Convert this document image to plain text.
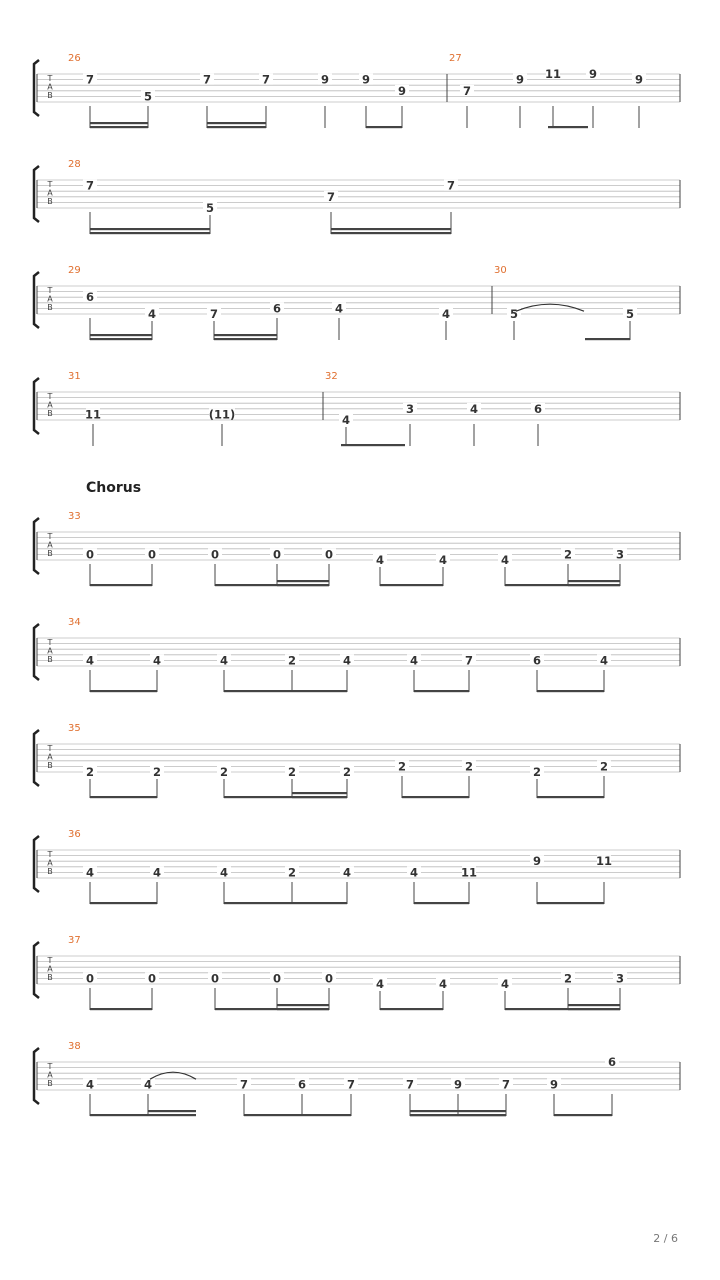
Chorus
2 / 6
T
A
B
26
7
5
7	7	9	9
9
27
7
9 11 9	9
T
A
B
28
7
5
7
7
T
A
B
29
6
4	7	6	4	4
30
5	5
T
A
B
31
11	(11)
32
4
3	4	6
T
A
B
33
0	0	0	0	0	4	4	4	2	3
T
A
B
34
4	4	4	2	4	4	7	6	4
T
A
B
35
2	2	2	2	2	2	2	2	2
T
A
B
36
4	4	4	2	4	4	11
9	11
T
A
B
37
0	0	0	0	0	4	4	4	2	3
T
A
B
38
4	4	7	6	7	7	9	7	9
6
